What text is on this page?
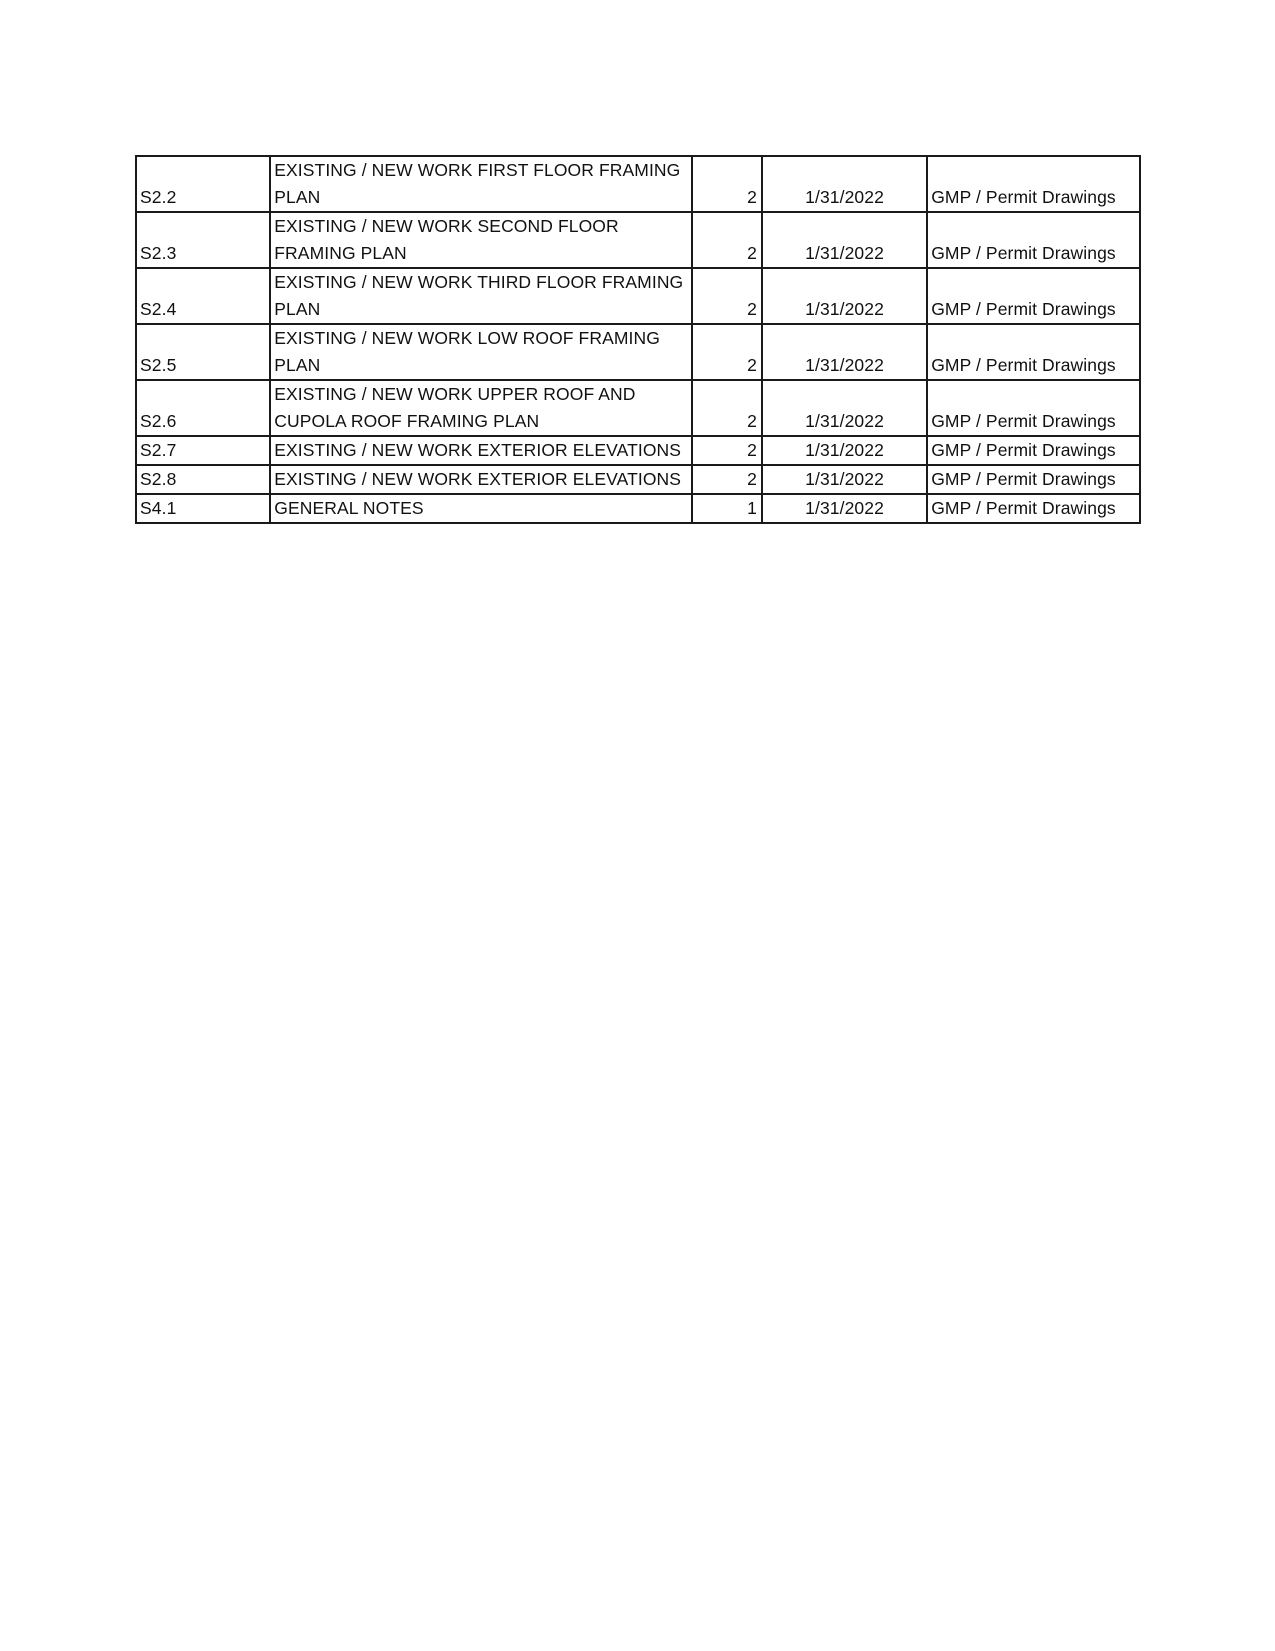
S2.2	EXISTING / NEW WORK FIRST FLOOR FRAMING PLAN	2	1/31/2022	GMP / Permit Drawings
S2.3	EXISTING / NEW WORK SECOND FLOOR FRAMING PLAN	2	1/31/2022	GMP / Permit Drawings
S2.4	EXISTING / NEW WORK THIRD FLOOR FRAMING PLAN	2	1/31/2022	GMP / Permit Drawings
S2.5	EXISTING / NEW WORK LOW ROOF FRAMING PLAN	2	1/31/2022	GMP / Permit Drawings
S2.6	EXISTING / NEW WORK UPPER ROOF AND CUPOLA ROOF FRAMING PLAN	2	1/31/2022	GMP / Permit Drawings
S2.7	EXISTING / NEW WORK EXTERIOR ELEVATIONS	2	1/31/2022	GMP / Permit Drawings
S2.8	EXISTING / NEW WORK EXTERIOR ELEVATIONS	2	1/31/2022	GMP / Permit Drawings
S4.1	GENERAL NOTES	1	1/31/2022	GMP / Permit Drawings
